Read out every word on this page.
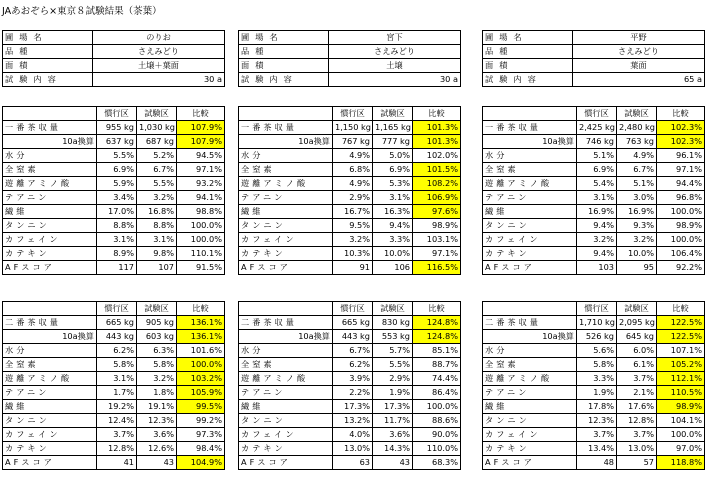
JAあおぞら×東京８試験結果（茶葉）
圃場名	のりお
品種	さえみどり
面積	土壌＋葉面
試験内容	30 a
圃場名	宮下
品種	さえみどり
面積	土壌
試験内容	30 a
圃場名	平野
品種	さえみどり
面積	葉面
試験内容	65 a
	慣行区	試験区	比較
一番茶収量	955 kg	1,030 kg	107.9%
10a換算	637 kg	687 kg	107.9%
水分	5.5%	5.2%	94.5%
全窒素	6.9%	6.7%	97.1%
遊離アミノ酸	5.9%	5.5%	93.2%
テアニン	3.4%	3.2%	94.1%
繊維	17.0%	16.8%	98.8%
タンニン	8.8%	8.8%	100.0%
カフェイン	3.1%	3.1%	100.0%
カテキン	8.9%	9.8%	110.1%
AFスコア	117	107	91.5%
	慣行区	試験区	比較
一番茶収量	1,150 kg	1,165 kg	101.3%
10a換算	767 kg	777 kg	101.3%
水分	4.9%	5.0%	102.0%
全窒素	6.8%	6.9%	101.5%
遊離アミノ酸	4.9%	5.3%	108.2%
テアニン	2.9%	3.1%	106.9%
繊維	16.7%	16.3%	97.6%
タンニン	9.5%	9.4%	98.9%
カフェイン	3.2%	3.3%	103.1%
カテキン	10.3%	10.0%	97.1%
AFスコア	91	106	116.5%
	慣行区	試験区	比較
一番茶収量	2,425 kg	2,480 kg	102.3%
10a換算	746 kg	763 kg	102.3%
水分	5.1%	4.9%	96.1%
全窒素	6.9%	6.7%	97.1%
遊離アミノ酸	5.4%	5.1%	94.4%
テアニン	3.1%	3.0%	96.8%
繊維	16.9%	16.9%	100.0%
タンニン	9.4%	9.3%	98.9%
カフェイン	3.2%	3.2%	100.0%
カテキン	9.4%	10.0%	106.4%
AFスコア	103	95	92.2%
	慣行区	試験区	比較
二番茶収量	665 kg	905 kg	136.1%
10a換算	443 kg	603 kg	136.1%
水分	6.2%	6.3%	101.6%
全窒素	5.8%	5.8%	100.0%
遊離アミノ酸	3.1%	3.2%	103.2%
テアニン	1.7%	1.8%	105.9%
繊維	19.2%	19.1%	99.5%
タンニン	12.4%	12.3%	99.2%
カフェイン	3.7%	3.6%	97.3%
カテキン	12.8%	12.6%	98.4%
AFスコア	41	43	104.9%
	慣行区	試験区	比較
二番茶収量	665 kg	830 kg	124.8%
10a換算	443 kg	553 kg	124.8%
水分	6.7%	5.7%	85.1%
全窒素	6.2%	5.5%	88.7%
遊離アミノ酸	3.9%	2.9%	74.4%
テアニン	2.2%	1.9%	86.4%
繊維	17.3%	17.3%	100.0%
タンニン	13.2%	11.7%	88.6%
カフェイン	4.0%	3.6%	90.0%
カテキン	13.0%	14.3%	110.0%
AFスコア	63	43	68.3%
	慣行区	試験区	比較
二番茶収量	1,710 kg	2,095 kg	122.5%
10a換算	526 kg	645 kg	122.5%
水分	5.6%	6.0%	107.1%
全窒素	5.8%	6.1%	105.2%
遊離アミノ酸	3.3%	3.7%	112.1%
テアニン	1.9%	2.1%	110.5%
繊維	17.8%	17.6%	98.9%
タンニン	12.3%	12.8%	104.1%
カフェイン	3.7%	3.7%	100.0%
カテキン	13.4%	13.0%	97.0%
AFスコア	48	57	118.8%
